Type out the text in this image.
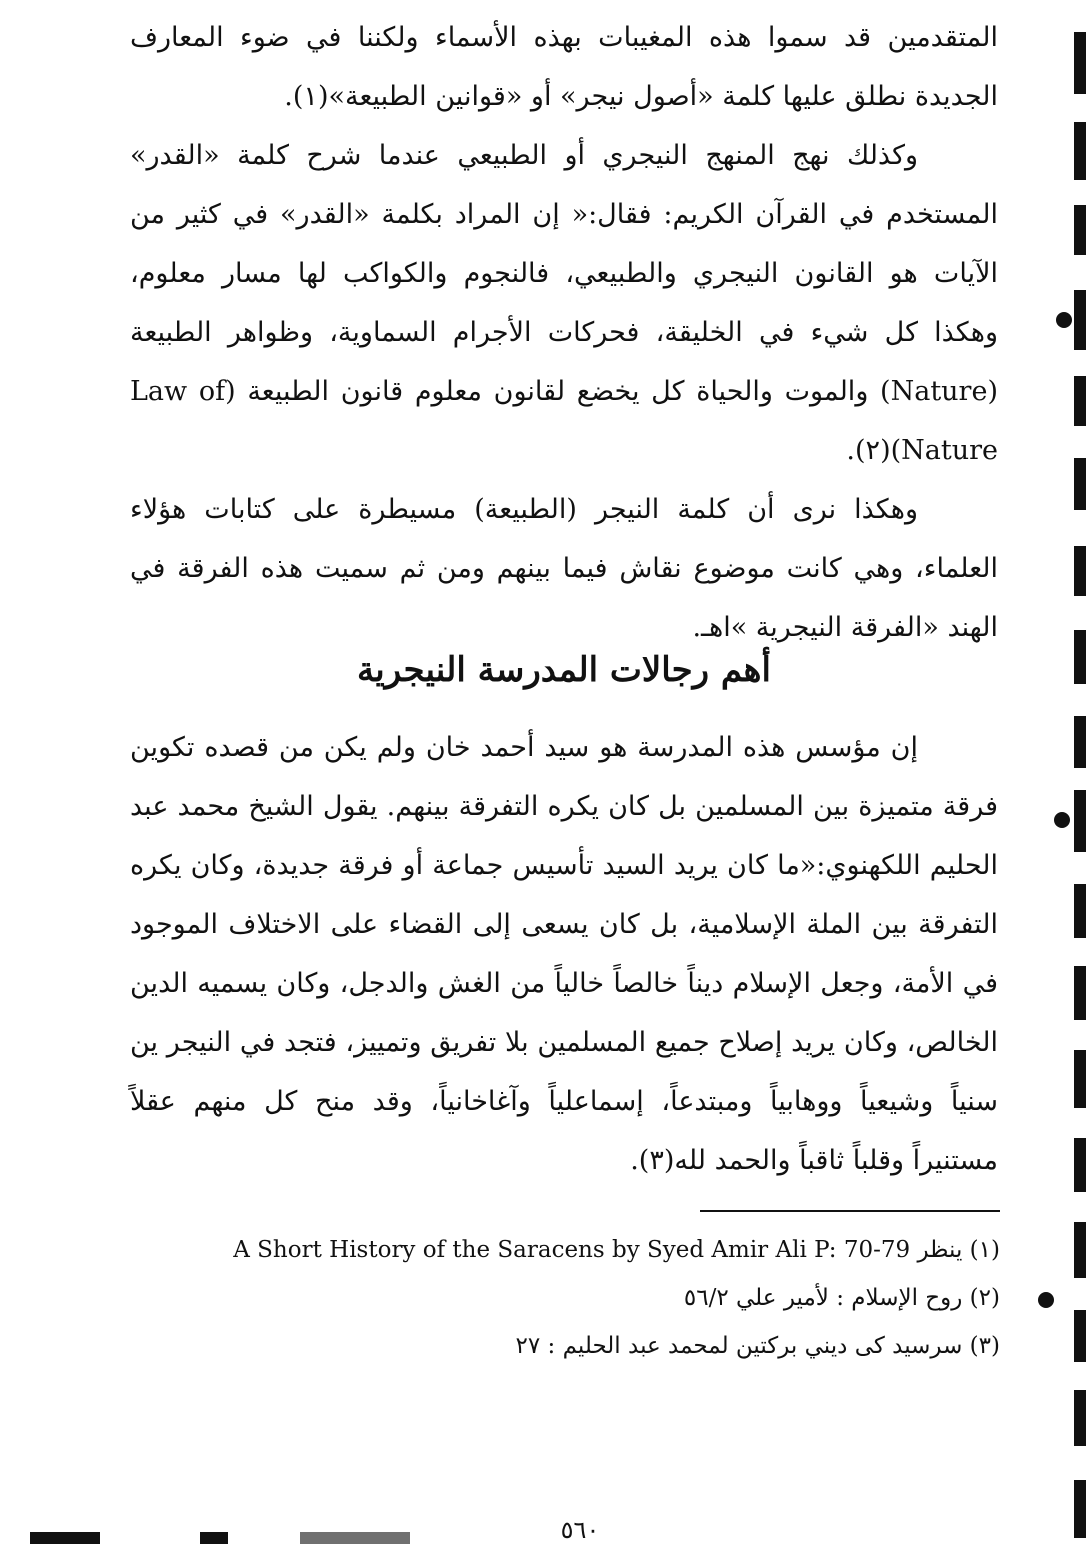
المتقدمين قد سموا هذه المغيبات بهذه الأسماء ولكننا في ضوء المعارف الجديدة نطلق عليها كلمة «أصول نيجر» أو «قوانين الطبيعة»(١).

وكذلك نهج المنهج النيجري أو الطبيعي عندما شرح كلمة «القدر» المستخدم في القرآن الكريم: فقال:« إن المراد بكلمة «القدر» في كثير من الآيات هو القانون النيجري والطبيعي، فالنجوم والكواكب لها مسار معلوم، وهكذا كل شيء في الخليقة، فحركات الأجرام السماوية، وظواهر الطبيعة (Nature) والموت والحياة كل يخضع لقانون معلوم قانون الطبيعة (Law of Nature)(٢).

وهكذا نرى أن كلمة النيجر (الطبيعة) مسيطرة على كتابات هؤلاء العلماء، وهي كانت موضوع نقاش فيما بينهم ومن ثم سميت هذه الفرقة في الهند «الفرقة النيجرية »اهـ.

أهم رجالات المدرسة النيجرية

إن مؤسس هذه المدرسة هو سيد أحمد خان ولم يكن من قصده تكوين فرقة متميزة بين المسلمين بل كان يكره التفرقة بينهم. يقول الشيخ محمد عبد الحليم اللكهنوي:«ما كان يريد السيد تأسيس جماعة أو فرقة جديدة، وكان يكره التفرقة بين الملة الإسلامية، بل كان يسعى إلى القضاء على الاختلاف الموجود في الأمة، وجعل الإسلام ديناً خالصاً خالياً من الغش والدجل، وكان يسميه الدين الخالص، وكان يريد إصلاح جميع المسلمين بلا تفريق وتمييز، فتجد في النيجر ين سنياً وشيعياً ووهابياً ومبتدعاً، إسماعلياً وآغاخانياً، وقد منح كل منهم عقلاً مستنيراً وقلباً ثاقباً والحمد لله(٣).

(١) ينظر A Short History of the Saracens by Syed Amir Ali P: 70-79

(٢) روح الإسلام : لأمير علي ٥٦/٢

(٣) سرسيد كى ديني بركتين لمحمد عبد الحليم : ٢٧

٥٦٠
